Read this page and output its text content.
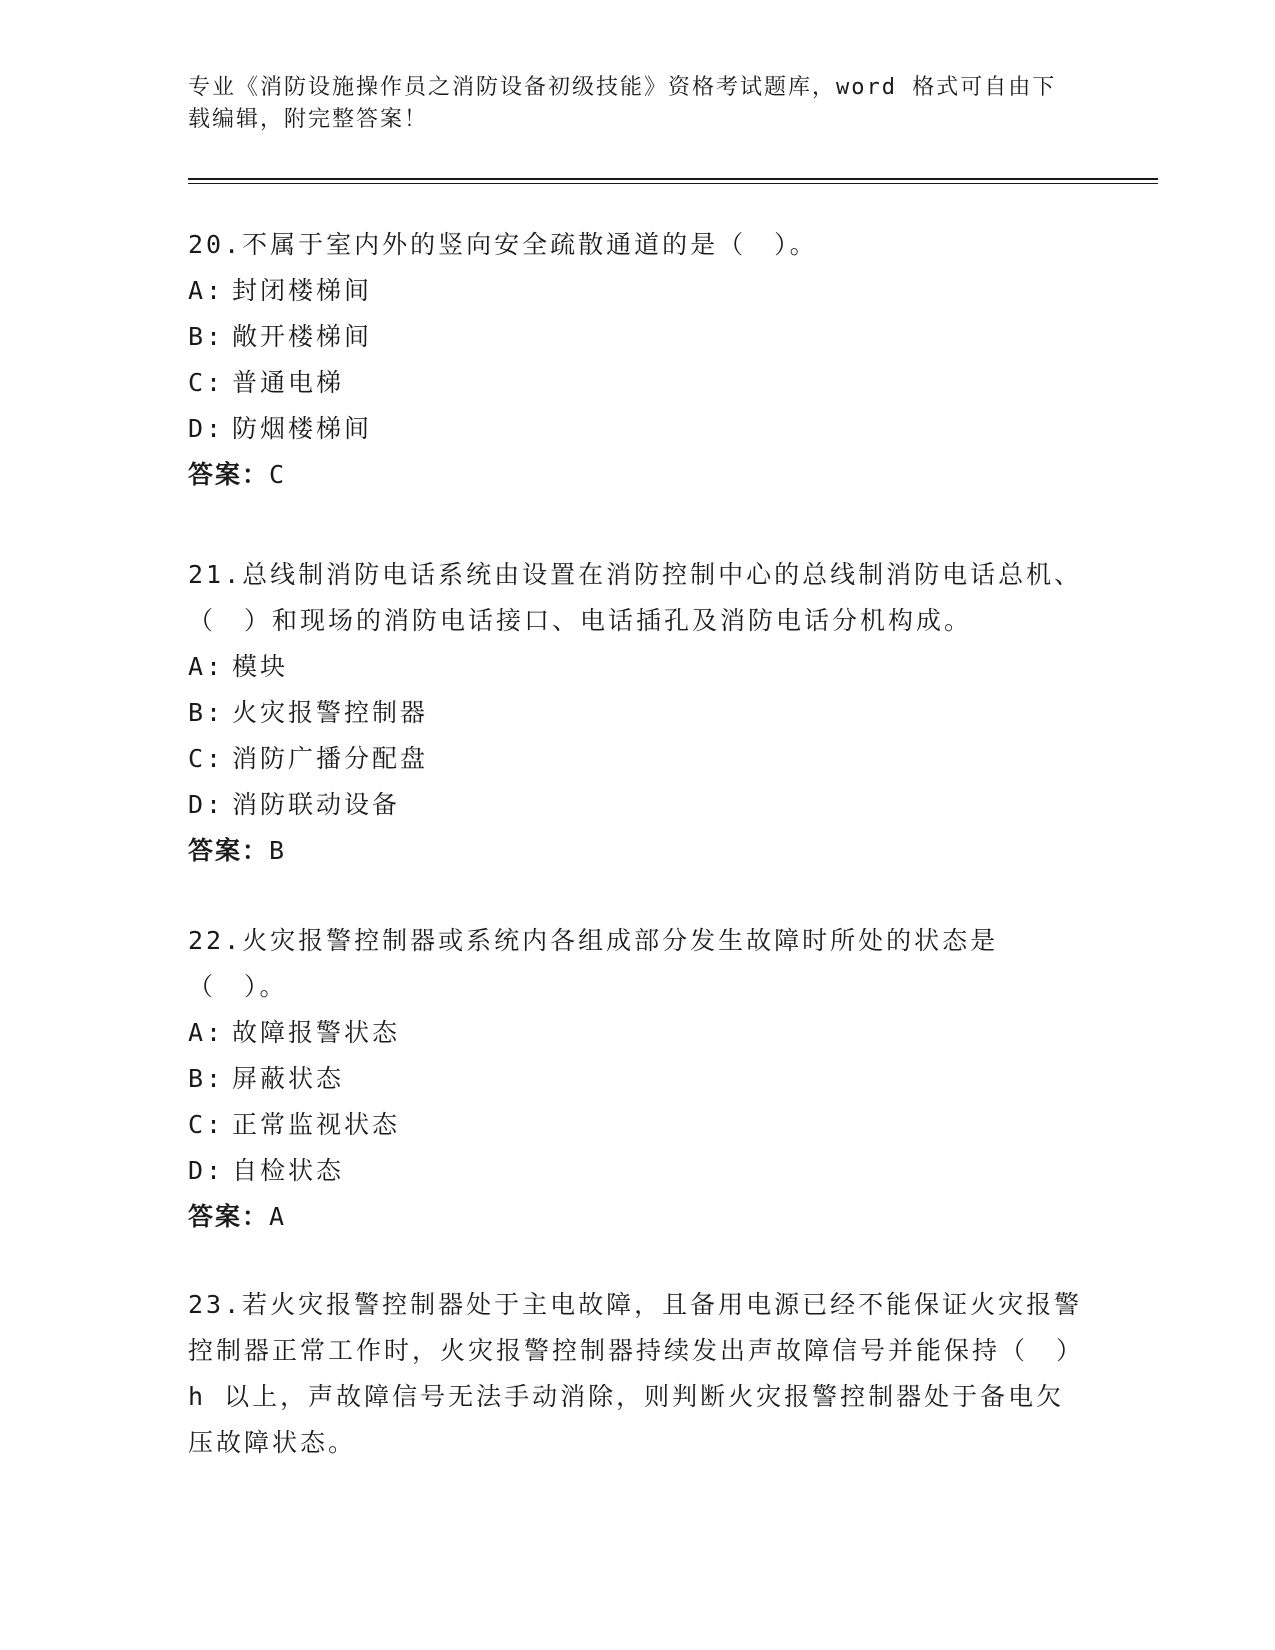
专业《消防设施操作员之消防设备初级技能》资格考试题库，word 格式可自由下载编辑，附完整答案！

20.不属于室内外的竖向安全疏散通道的是（　）。

A: 封闭楼梯间

B: 敞开楼梯间

C: 普通电梯

D: 防烟楼梯间

答案：C

21.总线制消防电话系统由设置在消防控制中心的总线制消防电话总机、（　）和现场的消防电话接口、电话插孔及消防电话分机构成。

A: 模块

B: 火灾报警控制器

C: 消防广播分配盘

D: 消防联动设备

答案：B

22.火灾报警控制器或系统内各组成部分发生故障时所处的状态是（　）。

A: 故障报警状态

B: 屏蔽状态

C: 正常监视状态

D: 自检状态

答案：A

23.若火灾报警控制器处于主电故障，且备用电源已经不能保证火灾报警控制器正常工作时，火灾报警控制器持续发出声故障信号并能保持（　）h 以上，声故障信号无法手动消除，则判断火灾报警控制器处于备电欠压故障状态。
